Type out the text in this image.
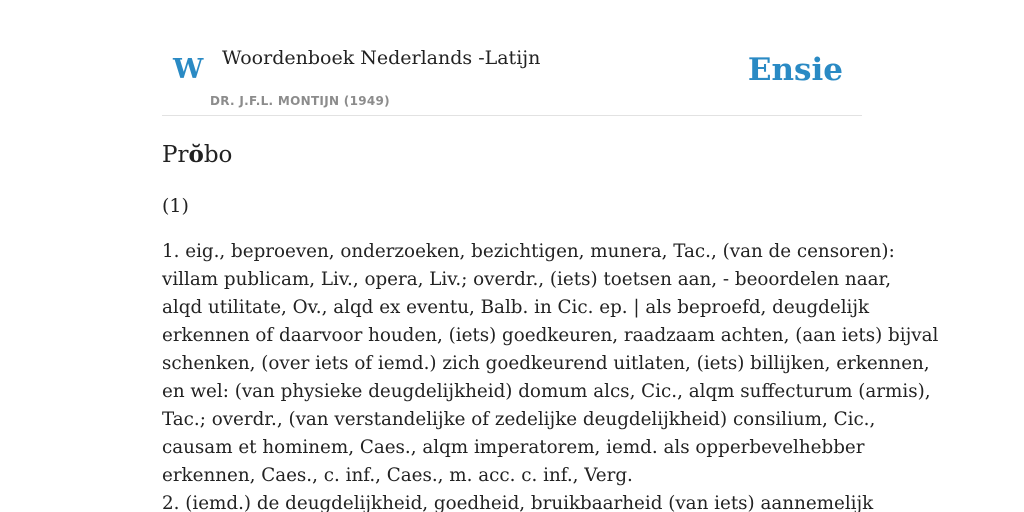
W Woordenboek Nederlands -Latijn
DR. J.F.L. MONTIJN (1949)
Ensie
Prŏbo
(1)

1. eig., beproeven, onderzoeken, bezichtigen, munera, Tac., (van de censoren):

villam publicam, Liv., opera, Liv.; overdr., (iets) toetsen aan, - beoordelen naar,

alqd utilitate, Ov., alqd ex eventu, Balb. in Cic. ep. | als beproefd, deugdelijk

erkennen of daarvoor houden, (iets) goedkeuren, raadzaam achten, (aan iets) bijval

schenken, (over iets of iemd.) zich goedkeurend uitlaten, (iets) billijken, erkennen,

en wel: (van physieke deugdelijkheid) domum alcs, Cic., alqm suffecturum (armis),

Tac.; overdr., (van verstandelijke of zedelijke deugdelijkheid) consilium, Cic.,

causam et hominem, Caes., alqm imperatorem, iemd. als opperbevelhebber

erkennen, Caes., c. inf., Caes., m. acc. c. inf., Verg.

2. (iemd.) de deugdelijkheid, goedheid, bruikbaarheid (van iets) aannemelijk
